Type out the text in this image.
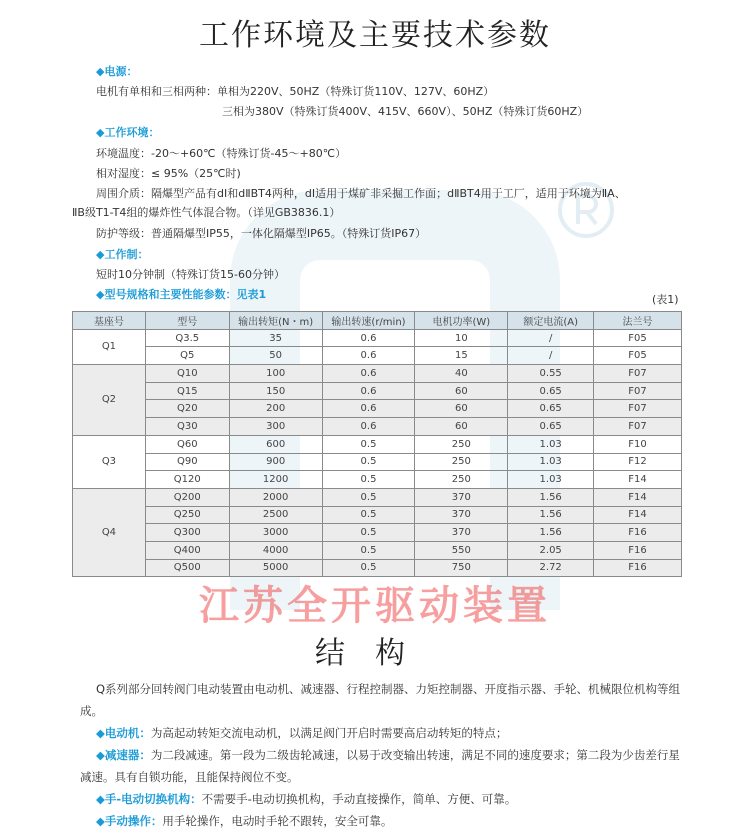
工作环境及主要技术参数
◆电源：
电机有单相和三相两种：单相为220V、50HZ（特殊订货110V、127V、60HZ）
三相为380V（特殊订货400V、415V、660V）、50HZ（特殊订货60HZ）
◆工作环境：
环境温度：-20～+60℃（特殊订货-45～+80℃）
相对湿度：≤ 95%（25℃时)
周围介质：隔爆型产品有dⅠ和dⅡBT4两种，dⅠ适用于煤矿非采掘工作面；dⅡBT4用于工厂，适用于环境为ⅡA、
ⅡB级T1-T4组的爆炸性气体混合物。（详见GB3836.1）
防护等级：普通隔爆型IP55，一体化隔爆型IP65。（特殊订货IP67）
◆工作制：
短时10分钟制（特殊订货15-60分钟）
◆型号规格和主要性能参数：见表1	(表1)
基座号	型号	输出转矩(N・m)	输出转速(r/min)	电机功率(W)	额定电流(A)	法兰号
Q1	Q3.5	35	0.6	10	/	F05
	Q5	50	0.6	15	/	F05
Q2	Q10	100	0.6	40	0.55	F07
	Q15	150	0.6	60	0.65	F07
	Q20	200	0.6	60	0.65	F07
	Q30	300	0.6	60	0.65	F07
Q3	Q60	600	0.5	250	1.03	F10
	Q90	900	0.5	250	1.03	F12
	Q120	1200	0.5	250	1.03	F14
Q4	Q200	2000	0.5	370	1.56	F14
	Q250	2500	0.5	370	1.56	F14
	Q300	3000	0.5	370	1.56	F16
	Q400	4000	0.5	550	2.05	F16
	Q500	5000	0.5	750	2.72	F16
江苏全开驱动装置
结构
Q系列部分回转阀门电动装置由电动机、减速器、行程控制器、力矩控制器、开度指示器、手轮、机械限位机构等组成。
◆电动机：为高起动转矩交流电动机，以满足阀门开启时需要高启动转矩的特点；
◆减速器：为二段减速。第一段为二级齿轮减速，以易于改变输出转速，满足不同的速度要求；第二段为少齿差行星减速。具有自锁功能，且能保持阀位不变。
◆手-电动切换机构：不需要手-电动切换机构，手动直接操作，简单、方便、可靠。
◆手动操作：用手轮操作，电动时手轮不跟转，安全可靠。
